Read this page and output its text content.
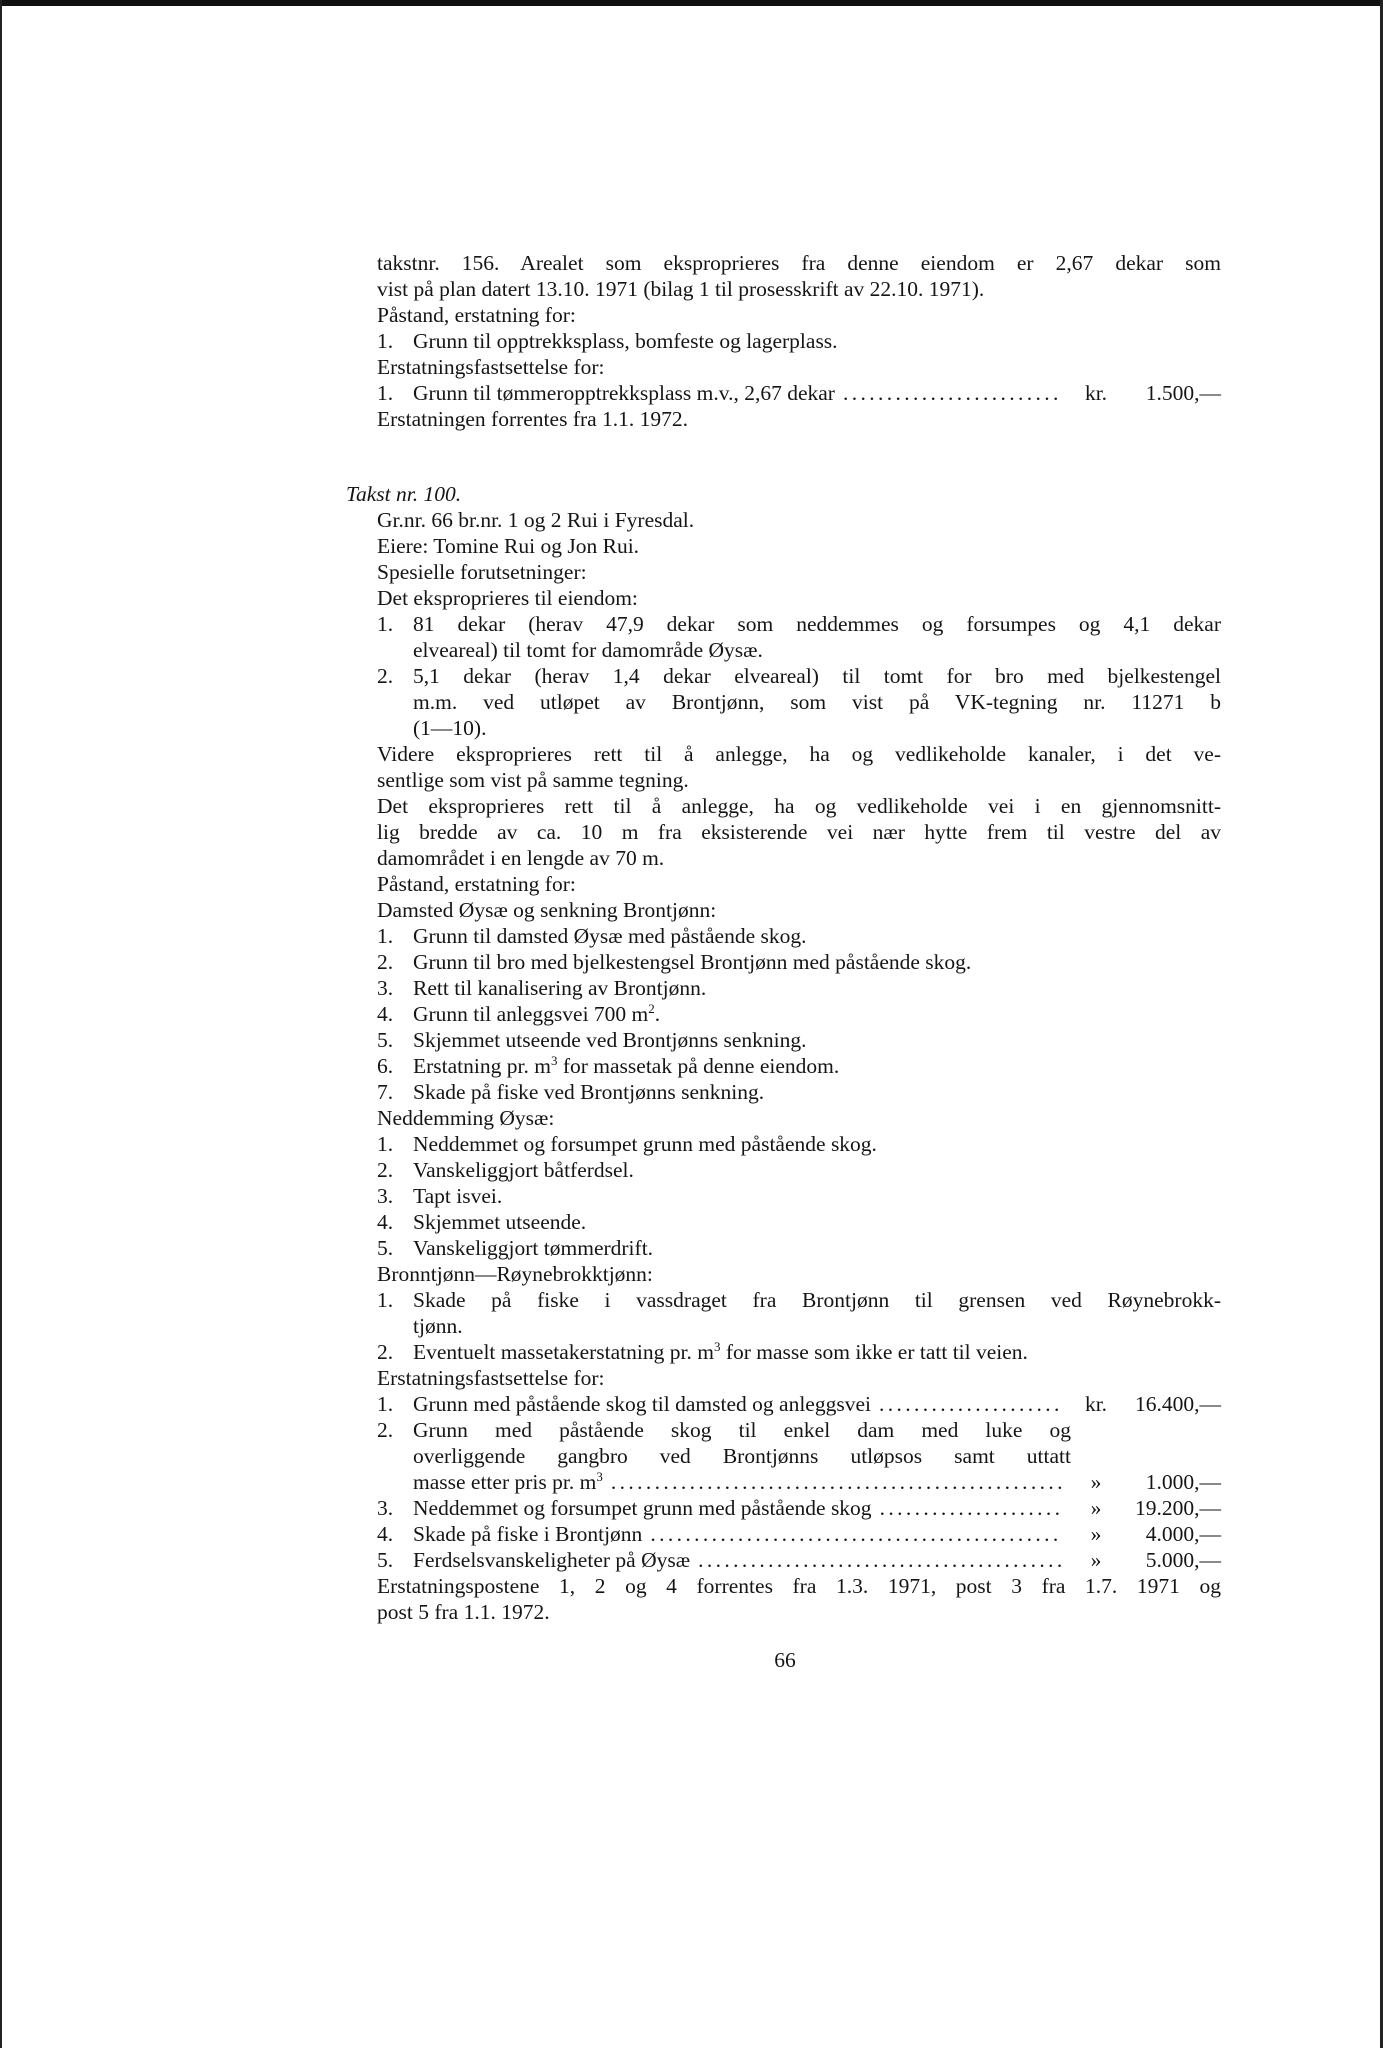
takstnr. 156. Arealet som eksproprieres fra denne eiendom er 2,67 dekar som
vist på plan datert 13.10. 1971 (bilag 1 til prosesskrift av 22.10. 1971).
Påstand, erstatning for:
1. Grunn til opptrekksplass, bomfeste og lagerplass.
Erstatningsfastsettelse for:
1. Grunn til tømmeropptrekksplass m.v., 2,67 dekar . . .	kr.	1.500,—
Erstatningen forrentes fra 1.1. 1972.
Takst nr. 100.
Gr.nr. 66 br.nr. 1 og 2 Rui i Fyresdal.
Eiere: Tomine Rui og Jon Rui.
Spesielle forutsetninger:
Det eksproprieres til eiendom:
1. 81 dekar (herav 47,9 dekar som neddemmes og forsumpes og 4,1 dekar
elveareal) til tomt for damområde Øysæ.
2. 5,1 dekar (herav 1,4 dekar elveareal) til tomt for bro med bjelkestengel
m.m. ved utløpet av Brontjønn, som vist på VK-tegning nr. 11271 b
(1—10).
Videre eksproprieres rett til å anlegge, ha og vedlikeholde kanaler, i det ve-
sentlige som vist på samme tegning.
Det eksproprieres rett til å anlegge, ha og vedlikeholde vei i en gjennomsnitt-
lig bredde av ca. 10 m fra eksisterende vei nær hytte frem til vestre del av
damområdet i en lengde av 70 m.
Påstand, erstatning for:
Damsted Øysæ og senkning Brontjønn:
1. Grunn til damsted Øysæ med påstående skog.
2. Grunn til bro med bjelkestengsel Brontjønn med påstående skog.
3. Rett til kanalisering av Brontjønn.
4. Grunn til anleggsvei 700 $m^2$.
5. Skjemmet utseende ved Brontjønns senkning.
6. Erstatning pr. $m^3$ for massetak på denne eiendom.
7. Skade på fiske ved Brontjønns senkning.
Neddemming Øysæ:
1. Neddemmet og forsumpet grunn med påstående skog.
2. Vanskeliggjort båtferdsel.
3. Tapt isvei.
4. Skjemmet utseende.
5. Vanskeliggjort tømmerdrift.
Bronntjønn—Røynebrokktjønn:
1. Skade på fiske i vassdraget fra Brontjønn til grensen ved Røynebrokk-
tjønn.
2. Eventuelt massetakerstatning pr. $m^3$ for masse som ikke er tatt til veien.
Erstatningsfastsettelse for:
1. Grunn med påstående skog til damsted og anleggsvei . . .	kr.	16.400,—
2. Grunn med påstående skog til enkel dam med luke og
overliggende gangbro ved Brontjønns utløpsos samt uttatt
masse etter pris pr. $m^3$ . . .	»	1.000,—
3. Neddemmet og forsumpet grunn med påstående skog . . .	»	19.200,—
4. Skade på fiske i Brontjønn . . .	»	4.000,—
5. Ferdselsvanskeligheter på Øysæ . . .	»	5.000,—
Erstatningspostene 1, 2 og 4 forrentes fra 1.3. 1971, post 3 fra 1.7. 1971 og
post 5 fra 1.1. 1972.
66
